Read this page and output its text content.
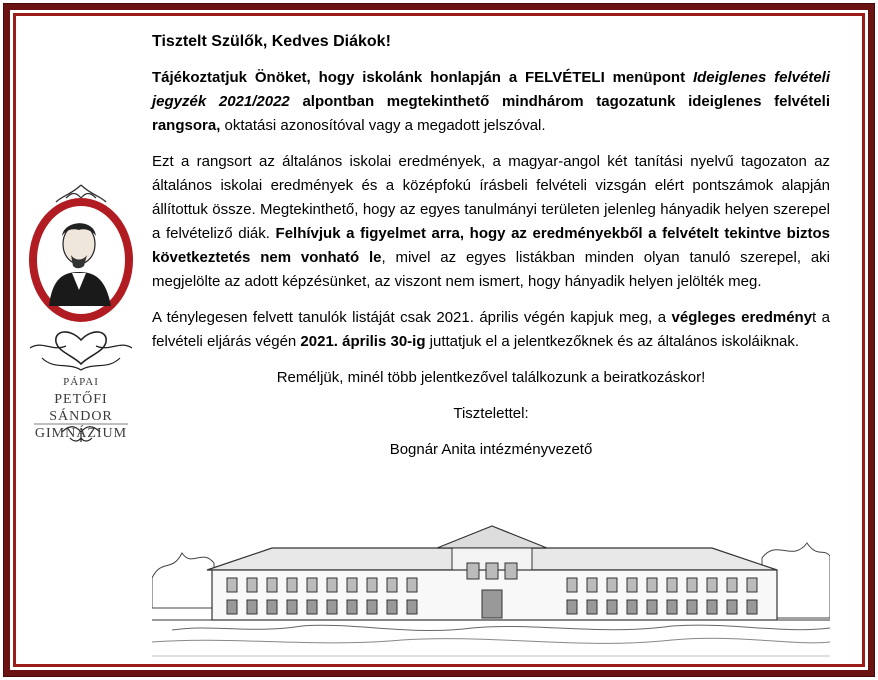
PÁPAI
PETŐFI SÁNDOR
GIMNÁZIUM

Tisztelt Szülők, Kedves Diákok!

Tájékoztatjuk Önöket, hogy iskolánk honlapján a FELVÉTELI menüpont Ideiglenes felvételi jegyzék 2021/2022 alpontban megtekinthető mindhárom tagozatunk ideiglenes felvételi rangsora, oktatási azonosítóval vagy a megadott jelszóval.

Ezt a rangsort az általános iskolai eredmények, a magyar-angol két tanítási nyelvű tagozaton az általános iskolai eredmények és a középfokú írásbeli felvételi vizsgán elért pontszámok alapján állítottuk össze. Megtekinthető, hogy az egyes tanulmányi területen jelenleg hányadik helyen szerepel a felvételiző diák. Felhívjuk a figyelmet arra, hogy az eredményekből a felvételt tekintve biztos következtetés nem vonható le, mivel az egyes listákban minden olyan tanuló szerepel, aki megjelölte az adott képzésünket, az viszont nem ismert, hogy hányadik helyen jelölték meg.

A ténylegesen felvett tanulók listáját csak 2021. április végén kapjuk meg, a végleges eredményt a felvételi eljárás végén 2021. április 30-ig juttatjuk el a jelentkezőknek és az általános iskoláiknak.

Reméljük, minél több jelentkezővel találkozunk a beiratkozáskor!

Tisztelettel:

Bognár Anita intézményvezető
